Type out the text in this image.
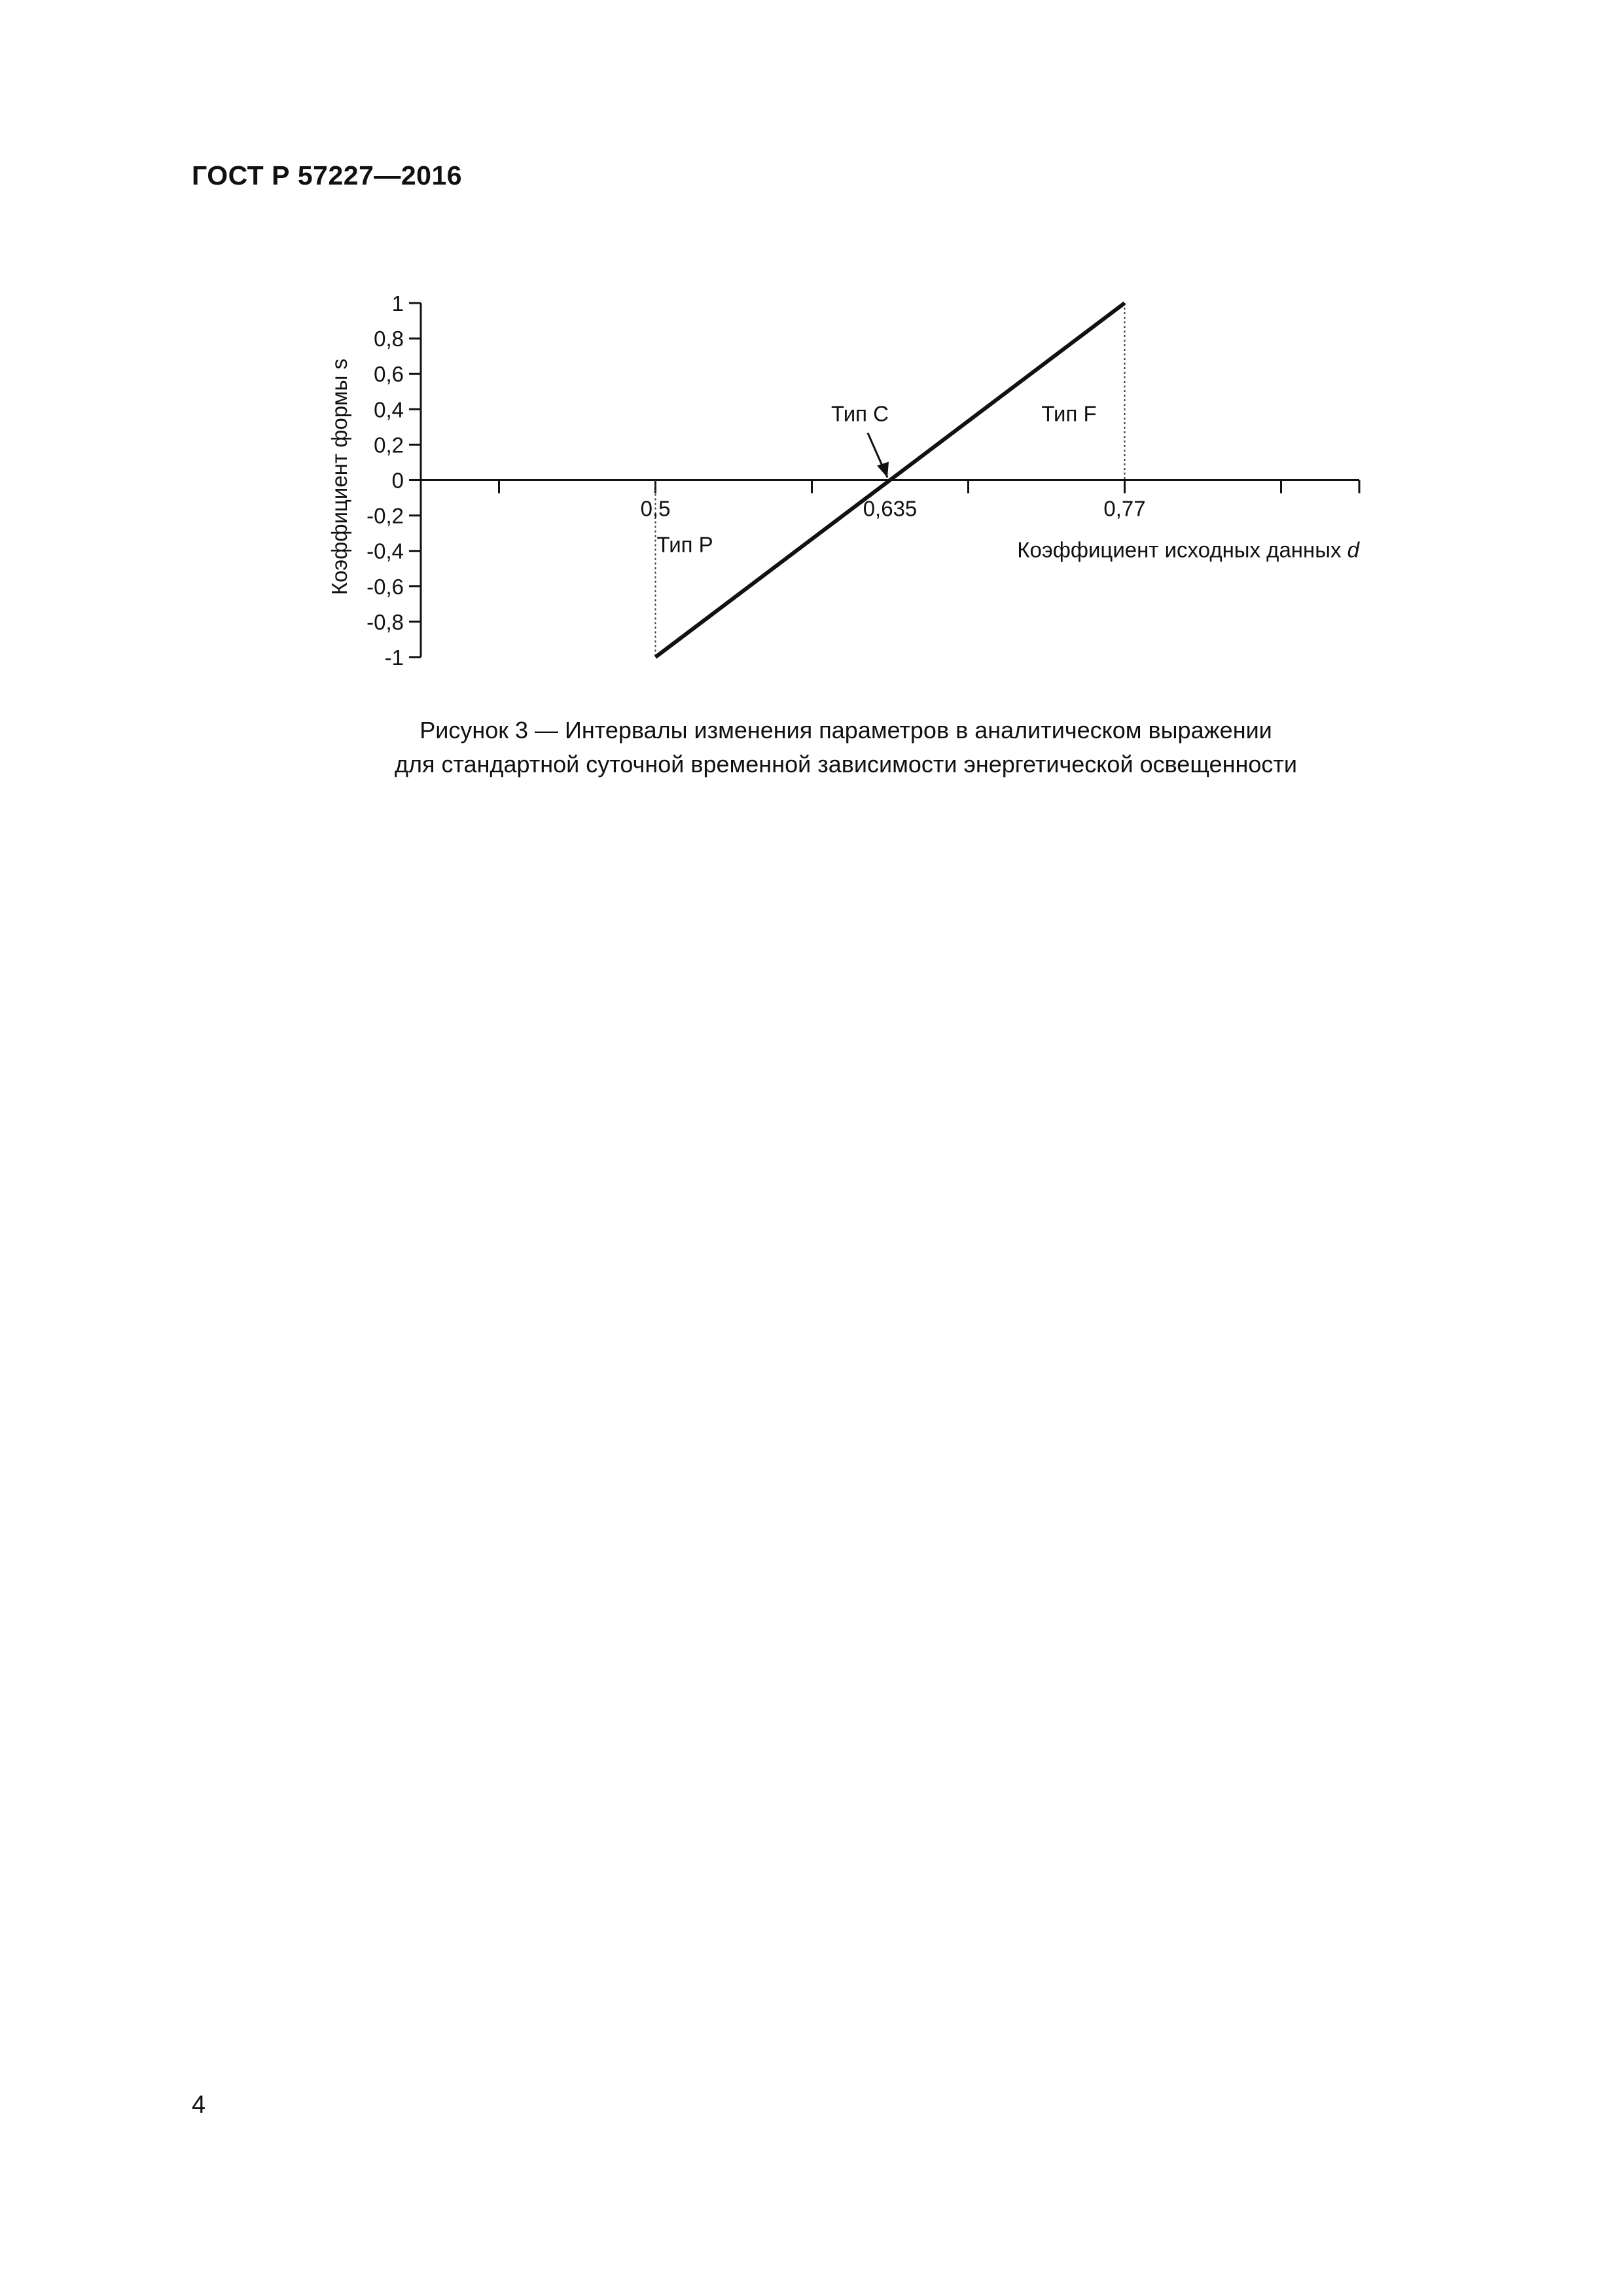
ГОСТ Р 57227—2016
Тип P
Тип C	Тип F
1
0,8
0,6
0,4
0,2
0
-0,2
-0,4
-0,6
-0,8
-1
0,5	0,635	0,77
Коэффициент исходных данных d
Коэффициент формы s
Рисунок 3 — Интервалы изменения параметров в аналитическом выражении
для стандартной суточной временной зависимости энергетической освещенности
4
